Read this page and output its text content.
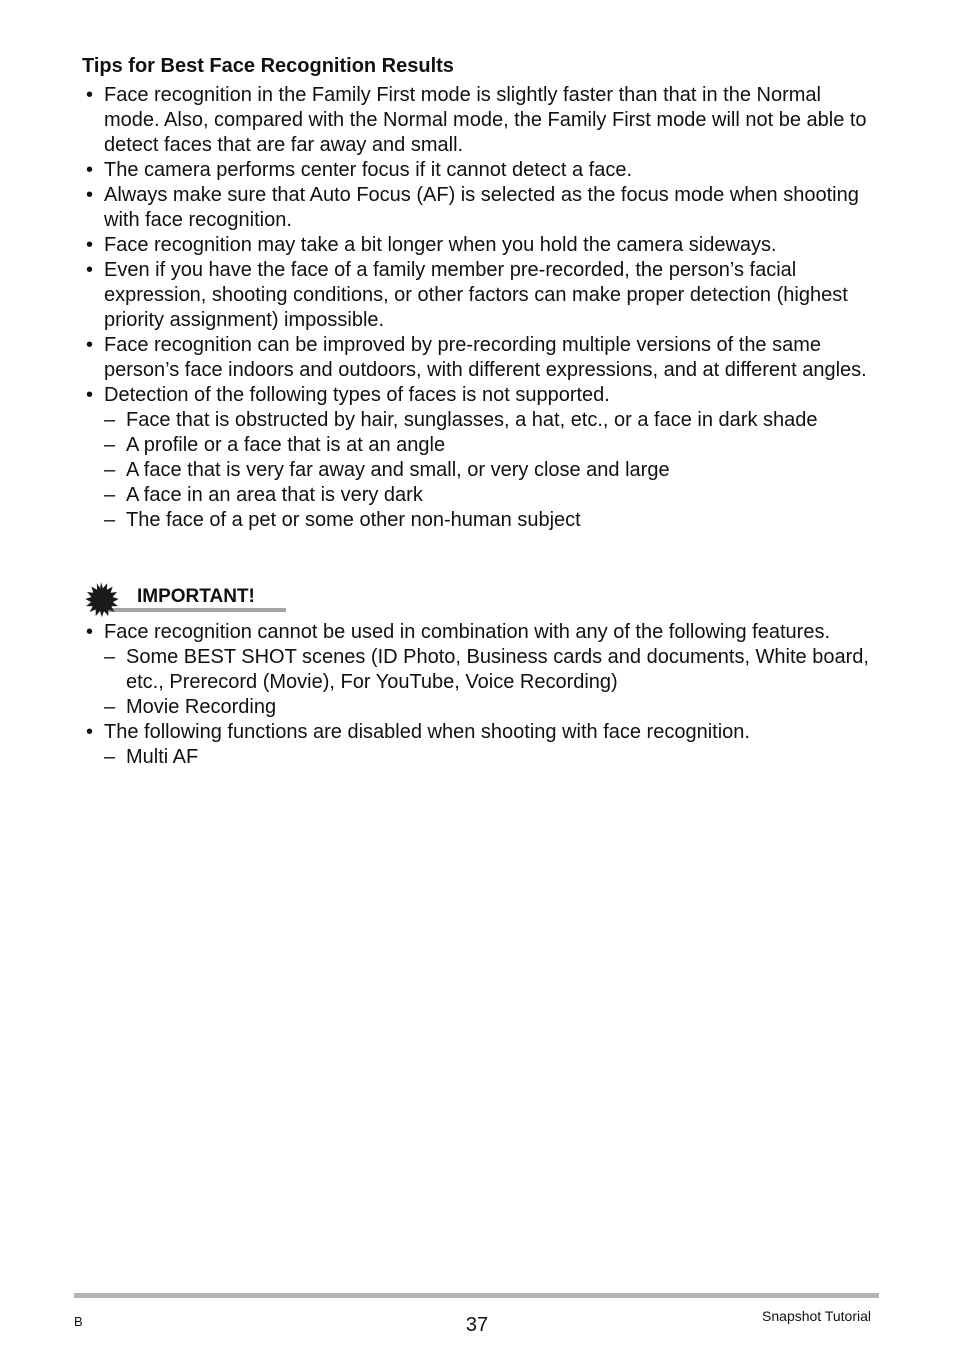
Tips for Best Face Recognition Results
• Face recognition in the Family First mode is slightly faster than that in the Normal mode. Also, compared with the Normal mode, the Family First mode will not be able to detect faces that are far away and small.
• The camera performs center focus if it cannot detect a face.
• Always make sure that Auto Focus (AF) is selected as the focus mode when shooting with face recognition.
• Face recognition may take a bit longer when you hold the camera sideways.
• Even if you have the face of a family member pre-recorded, the person’s facial expression, shooting conditions, or other factors can make proper detection (highest priority assignment) impossible.
• Face recognition can be improved by pre-recording multiple versions of the same person’s face indoors and outdoors, with different expressions, and at different angles.
• Detection of the following types of faces is not supported.
– Face that is obstructed by hair, sunglasses, a hat, etc., or a face in dark shade
– A profile or a face that is at an angle
– A face that is very far away and small, or very close and large
– A face in an area that is very dark
– The face of a pet or some other non-human subject
IMPORTANT!
• Face recognition cannot be used in combination with any of the following features.
– Some BEST SHOT scenes (ID Photo, Business cards and documents, White board, etc., Prerecord (Movie), For YouTube, Voice Recording)
– Movie Recording
• The following functions are disabled when shooting with face recognition.
– Multi AF
B	37	Snapshot Tutorial
